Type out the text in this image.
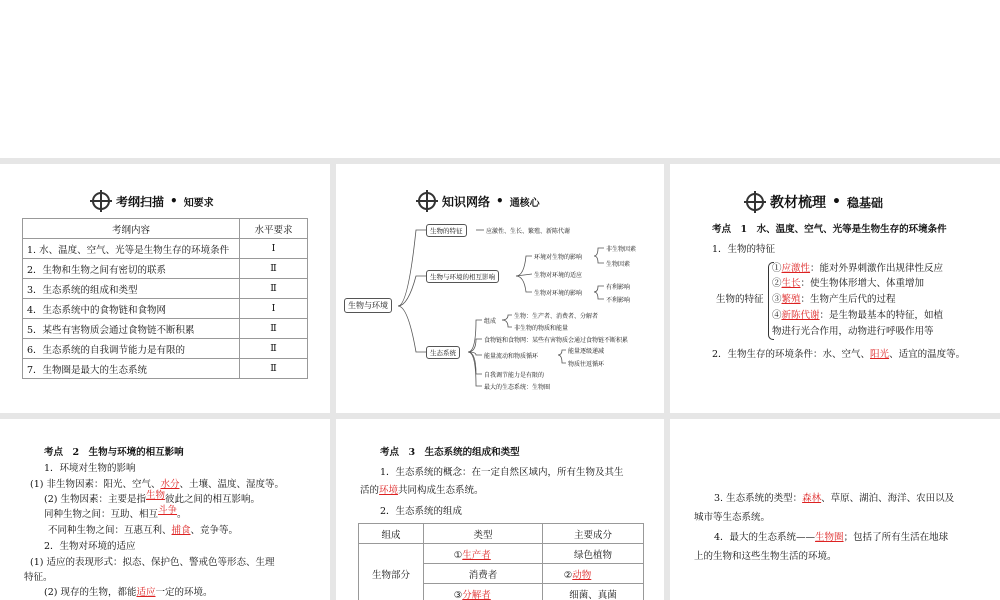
考纲扫描 • 知要求
考纲内容	水平要求
1. 水、温度、空气、光等是生物生存的环境条件	Ⅰ
2．生物和生物之间有密切的联系	Ⅱ
3．生态系统的组成和类型	Ⅱ
4．生态系统中的食物链和食物网	Ⅰ
5．某些有害物质会通过食物链不断积累	Ⅱ
6．生态系统的自我调节能力是有限的	Ⅱ
7．生物圈是最大的生态系统	Ⅱ
知识网络 • 通核心
生物与环境
生物的特征	应激性、生长、繁殖、新陈代谢
生物与环境的相互影响
环境对生物的影响
非生物因素
生物因素
生物对环境的适应
生物对环境的影响
有利影响
不利影响
生态系统
组成
生物：生产者、消费者、分解者
非生物的物质和能量
食物链和食物网：某些有害物质会通过食物链不断积累
能量流动和物质循环
能量逐级递减
物质往返循环
自我调节能力是有限的
最大的生态系统：生物圈
教材梳理 • 稳基础
考点　1　水、温度、空气、光等是生物生存的环境条件
1．生物的特征
生物的特征
①应激性：能对外界刺激作出规律性反应
②生长：使生物体形增大、体重增加
③繁殖：生物产生后代的过程
④新陈代谢：是生物最基本的特征，如植
物进行光合作用，动物进行呼吸作用等
2．生物生存的环境条件：水、空气、阳光、适宜的温度等。
考点　2　生物与环境的相互影响
1．环境对生物的影响
(1) 非生物因素：阳光、空气、水分、土壤、温度、湿度等。
(2) 生物因素：主要是指生物彼此之间的相互影响。
同种生物之间：互助、相互斗争。
不同种生物之间：互惠互利、捕食、竞争等。
2．生物对环境的适应
(1) 适应的表现形式：拟态、保护色、警戒色等形态、生理
特征。
(2) 现存的生物，都能适应一定的环境。
考点　3　生态系统的组成和类型
1．生态系统的概念：在一定自然区域内，所有生物及其生
活的环境共同构成生态系统。
2．生态系统的组成
组成	类型	主要成分
生物部分	①生产者	绿色植物
	消费者	②动物
	③分解者	细菌、真菌
3. 生态系统的类型：森林、草原、湖泊、海洋、农田以及
城市等生态系统。
4．最大的生态系统——生物圈；包括了所有生活在地球
上的生物和这些生物生活的环境。
